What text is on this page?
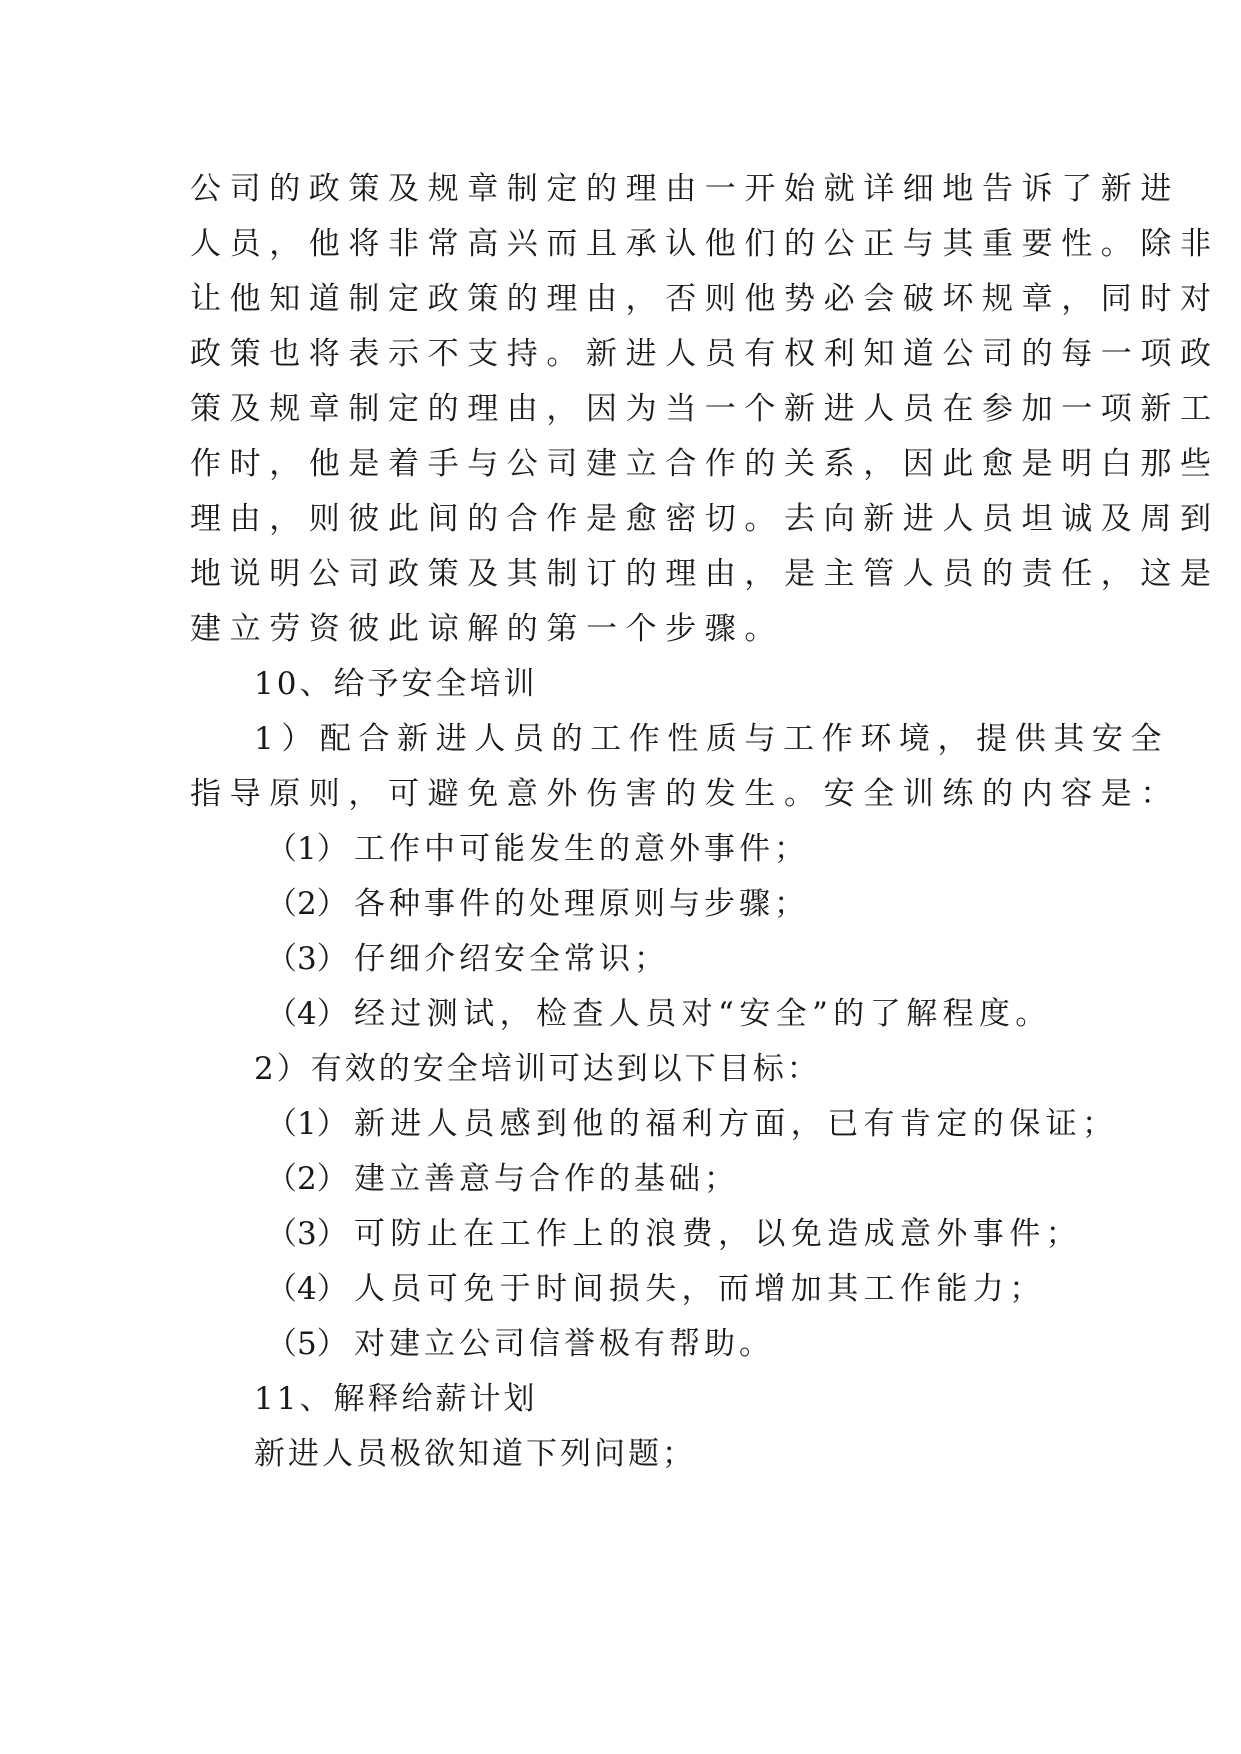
公司的政策及规章制定的理由一开始就详细地告诉了新进
人员，他将非常高兴而且承认他们的公正与其重要性。除非
让他知道制定政策的理由，否则他势必会破坏规章，同时对
政策也将表示不支持。新进人员有权利知道公司的每一项政
策及规章制定的理由，因为当一个新进人员在参加一项新工
作时，他是着手与公司建立合作的关系，因此愈是明白那些
理由，则彼此间的合作是愈密切。去向新进人员坦诚及周到
地说明公司政策及其制订的理由，是主管人员的责任，这是
建立劳资彼此谅解的第一个步骤。
10、给予安全培训
1）配合新进人员的工作性质与工作环境，提供其安全
指导原则，可避免意外伤害的发生。安全训练的内容是：
（1） 工作中可能发生的意外事件；
（2） 各种事件的处理原则与步骤；
（3） 仔细介绍安全常识；
（4） 经过测试，检查人员对“安全”的了解程度。
2）有效的安全培训可达到以下目标：
（1） 新进人员感到他的福利方面，已有肯定的保证；
（2） 建立善意与合作的基础；
（3） 可防止在工作上的浪费，以免造成意外事件；
（4） 人员可免于时间损失，而增加其工作能力；
（5） 对建立公司信誉极有帮助。
11、解释给薪计划
新进人员极欲知道下列问题；
